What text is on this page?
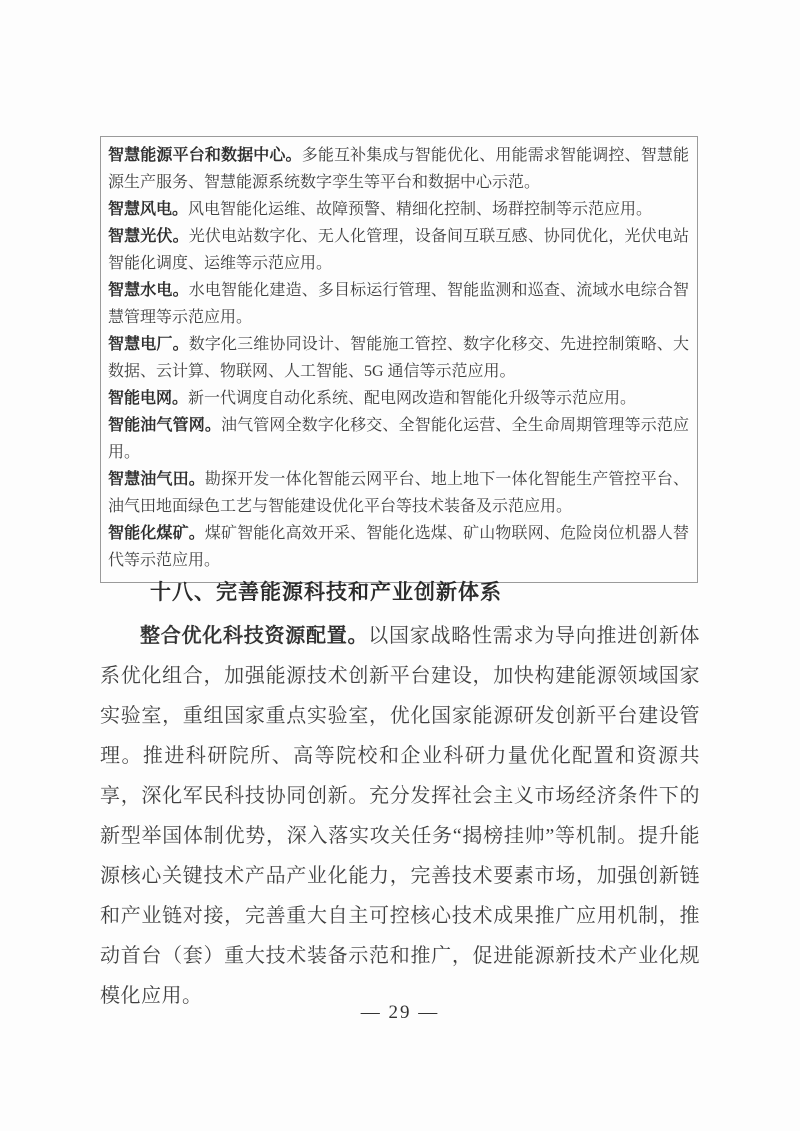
智慧能源平台和数据中心。多能互补集成与智能优化、用能需求智能调控、智慧能源生产服务、智慧能源系统数字孪生等平台和数据中心示范。

智慧风电。风电智能化运维、故障预警、精细化控制、场群控制等示范应用。

智慧光伏。光伏电站数字化、无人化管理，设备间互联互感、协同优化，光伏电站智能化调度、运维等示范应用。

智慧水电。水电智能化建造、多目标运行管理、智能监测和巡查、流域水电综合智慧管理等示范应用。

智慧电厂。数字化三维协同设计、智能施工管控、数字化移交、先进控制策略、大数据、云计算、物联网、人工智能、5G 通信等示范应用。

智能电网。新一代调度自动化系统、配电网改造和智能化升级等示范应用。

智能油气管网。油气管网全数字化移交、全智能化运营、全生命周期管理等示范应用。

智慧油气田。勘探开发一体化智能云网平台、地上地下一体化智能生产管控平台、油气田地面绿色工艺与智能建设优化平台等技术装备及示范应用。

智能化煤矿。煤矿智能化高效开采、智能化选煤、矿山物联网、危险岗位机器人替代等示范应用。

十八、完善能源科技和产业创新体系

整合优化科技资源配置。以国家战略性需求为导向推进创新体系优化组合，加强能源技术创新平台建设，加快构建能源领域国家实验室，重组国家重点实验室，优化国家能源研发创新平台建设管理。推进科研院所、高等院校和企业科研力量优化配置和资源共享，深化军民科技协同创新。充分发挥社会主义市场经济条件下的新型举国体制优势，深入落实攻关任务“揭榜挂帅”等机制。提升能源核心关键技术产品产业化能力，完善技术要素市场，加强创新链和产业链对接，完善重大自主可控核心技术成果推广应用机制，推动首台（套）重大技术装备示范和推广，促进能源新技术产业化规模化应用。

— 29 —
